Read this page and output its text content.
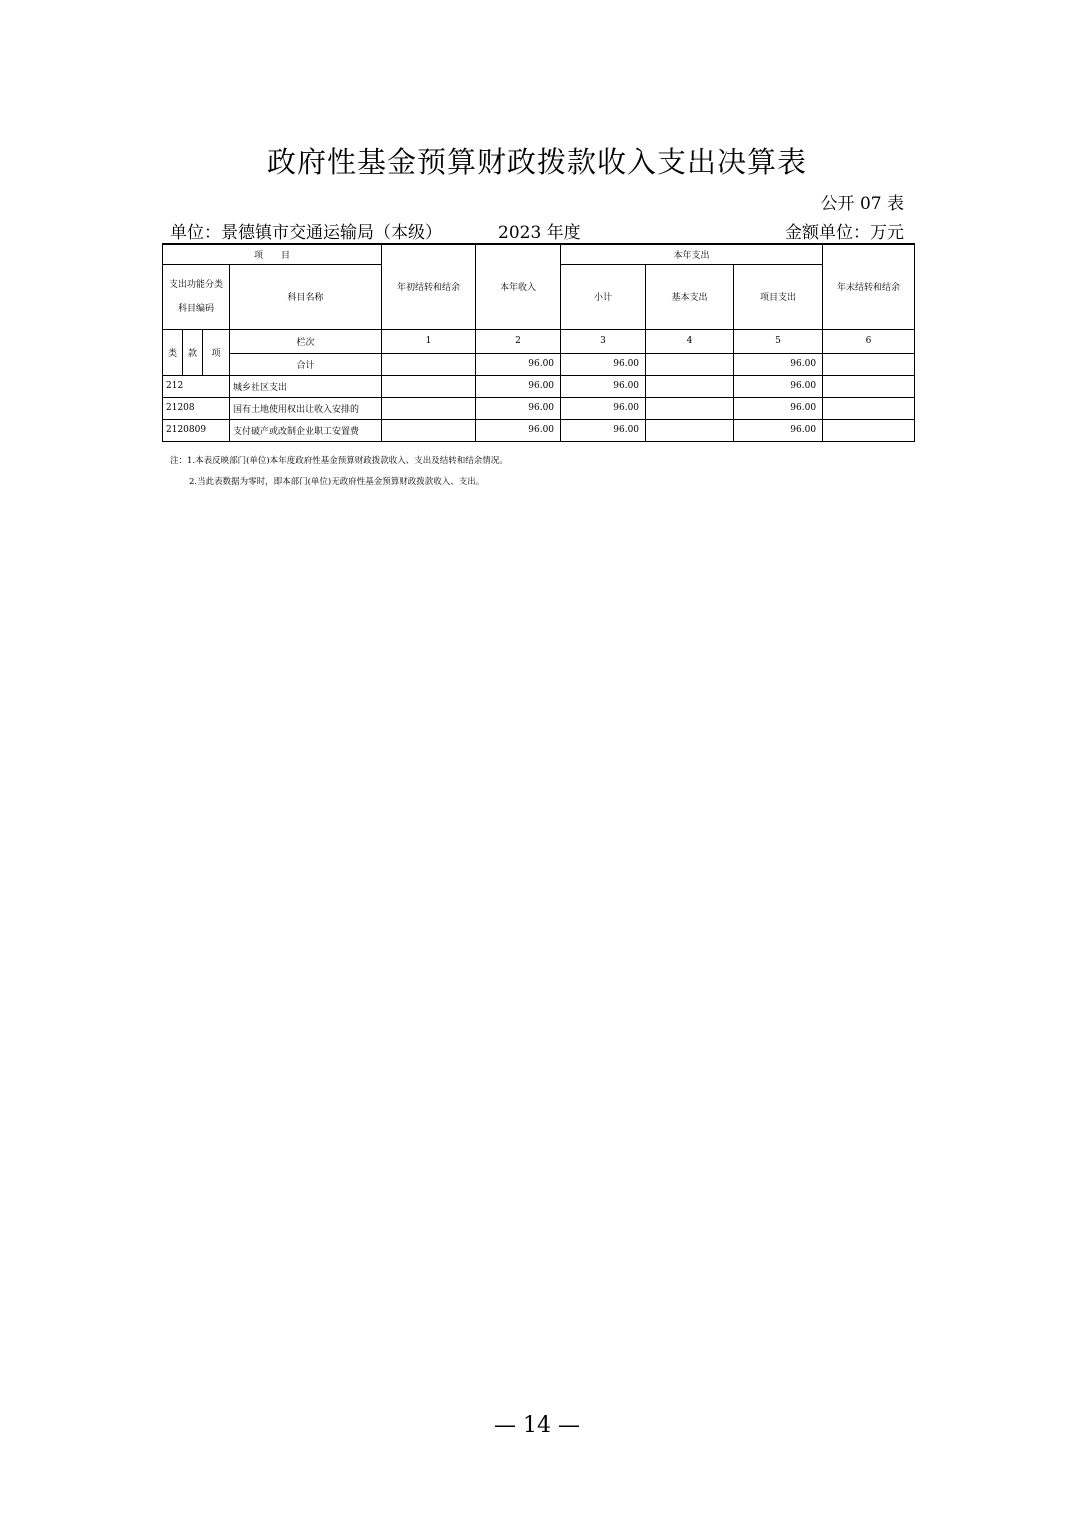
政府性基金预算财政拨款收入支出决算表
公开 07 表
单位：景德镇市交通运输局（本级）	2023 年度	金额单位：万元
项　　目				年初结转和结余	本年收入	本年支出			年末结转和结余
支出功能分类科目编码			科目名称			小计	基本支出	项目支出	

类	款	项	栏次	1	2	3	4	5	6
			合计		96.00	96.00		96.00	
212			城乡社区支出		96.00	96.00		96.00	
21208			国有土地使用权出让收入安排的		96.00	96.00		96.00	
2120809			支付破产或改制企业职工安置费		96.00	96.00		96.00	
注：1.本表反映部门(单位)本年度政府性基金预算财政拨款收入、支出及结转和结余情况。
2.当此表数据为零时，即本部门(单位)无政府性基金预算财政拨款收入、支出。
— 14 —
